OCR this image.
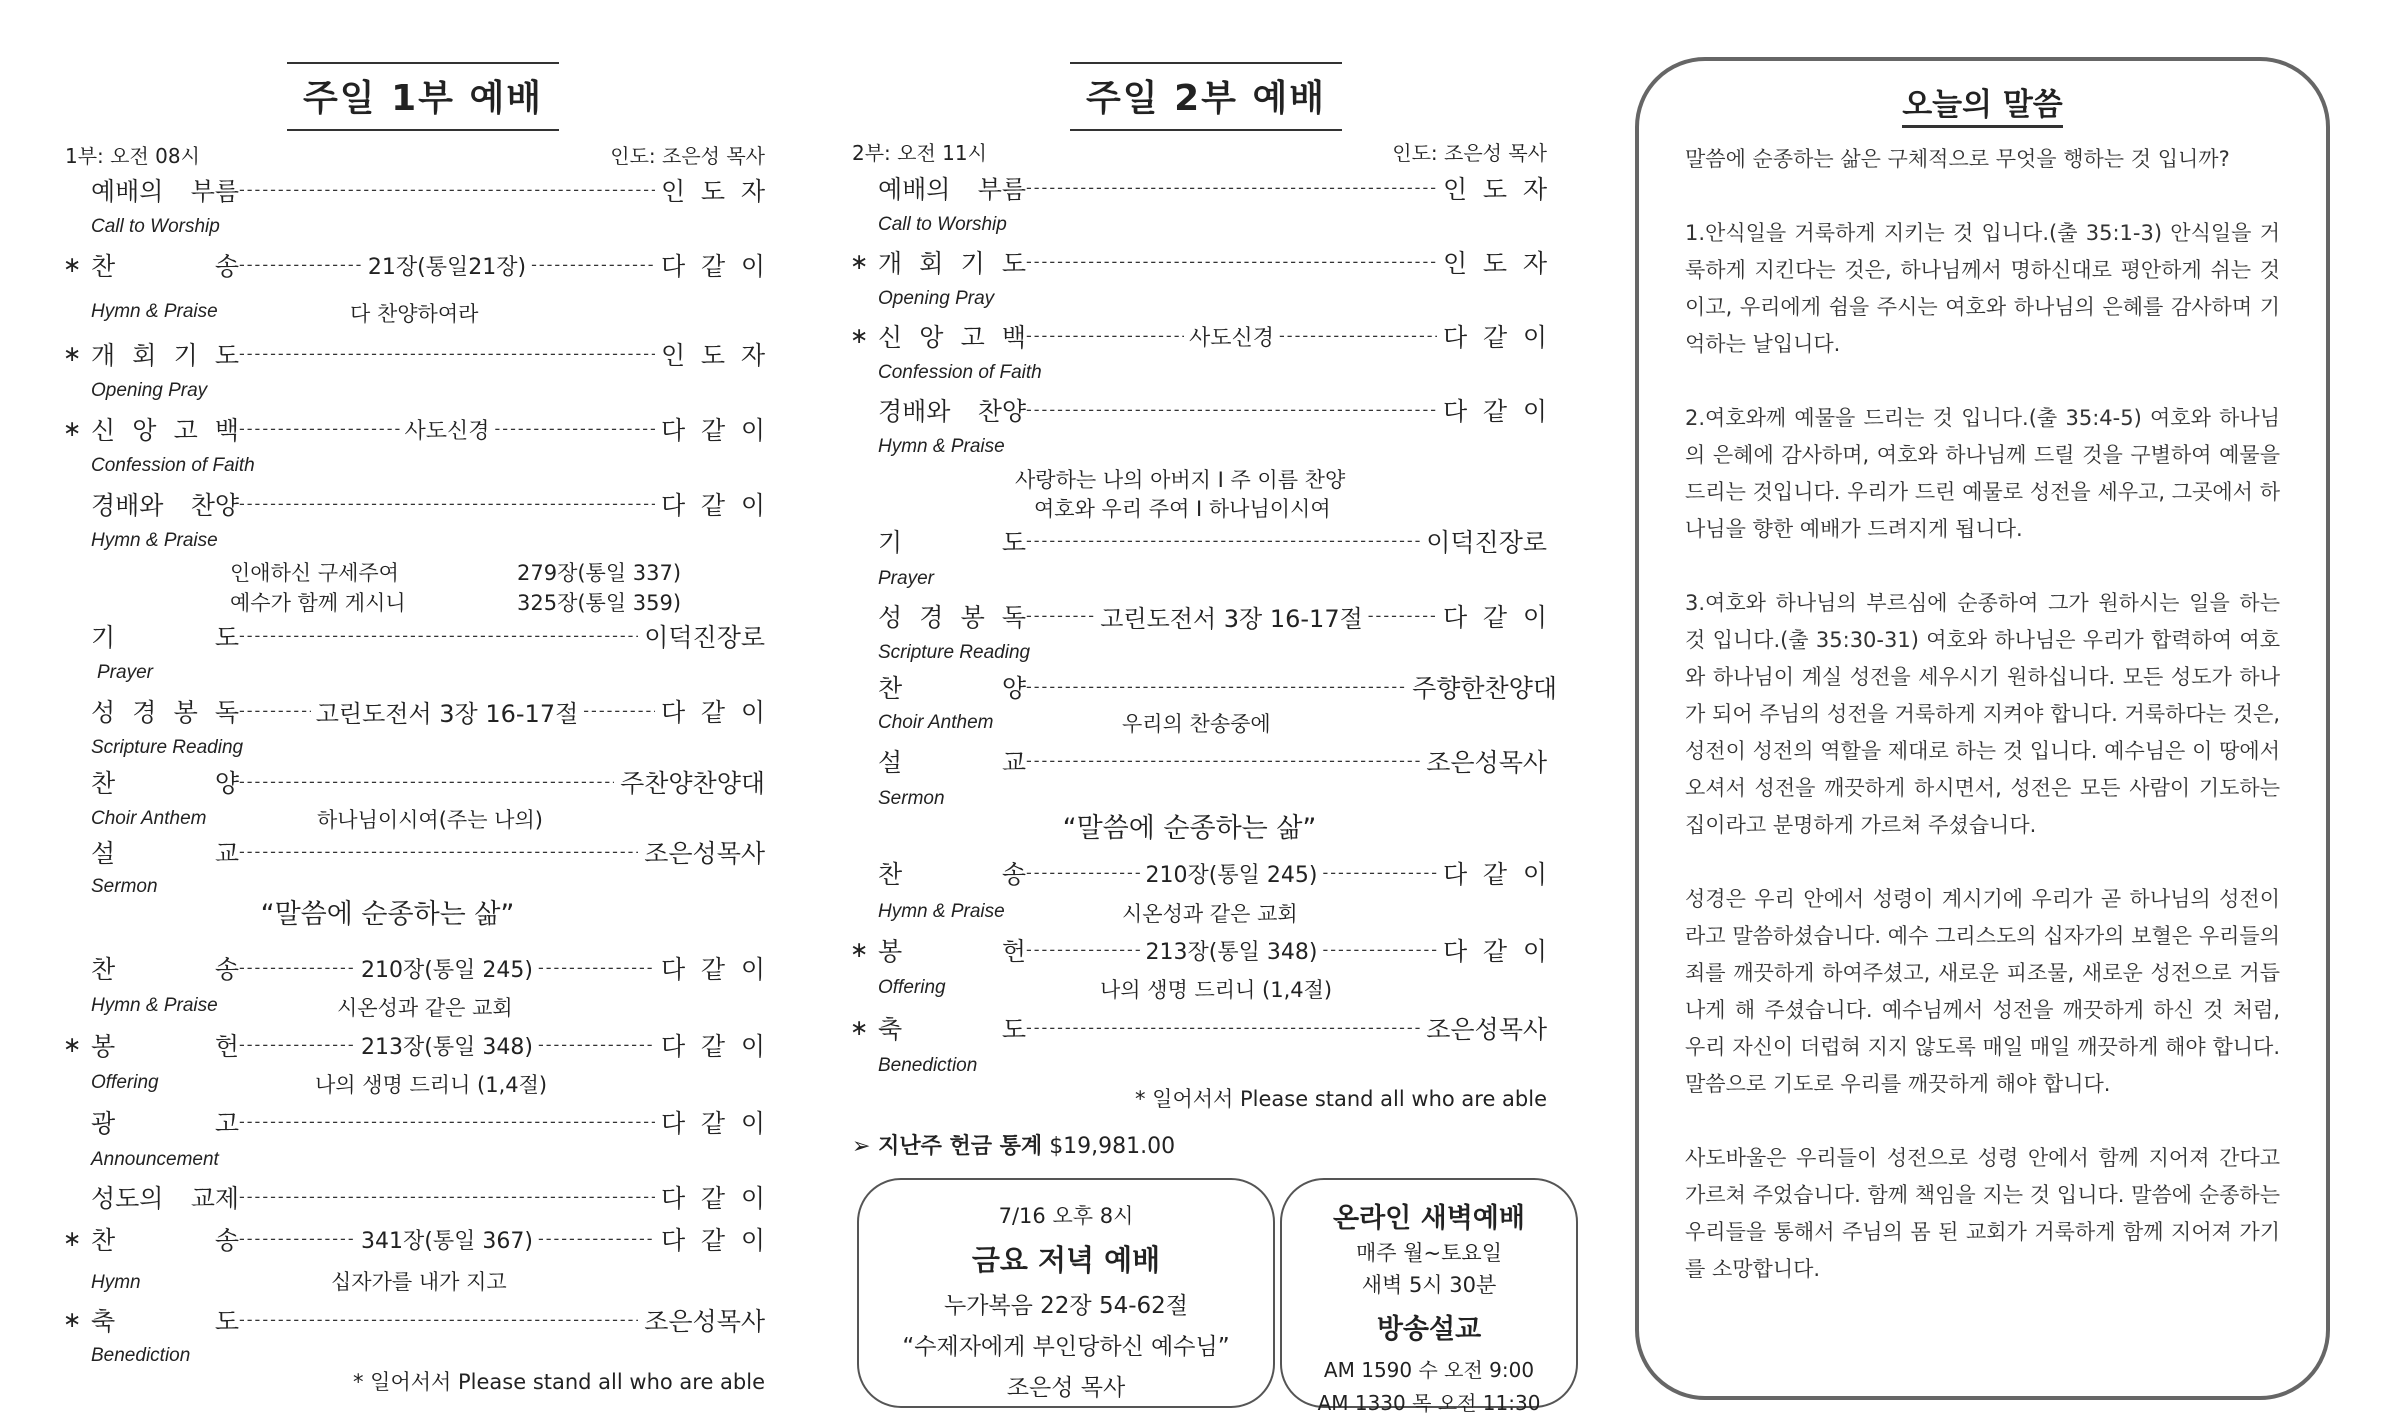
주일 1부 예배
1부: 오전 08시	인도: 조은성 목사
예배의 부름 -----	인 도 자
Call to Worship
∗ 찬	송 -----	21장(통일21장) -----	다 같 이
Hymn & Praise	다 찬양하여라
∗ 개 회 기 도 -----	인 도 자
Opening Pray
∗ 신 앙 고 백 -----	사도신경 -----	다 같 이
Confession of Faith
경배와 찬양 -----	다 같 이
Hymn & Praise
인애하신 구세주여	279장(통일 337)
예수가 함께 게시니	325장(통일 359)
기	도 -----	이덕진 장로
Prayer
성 경 봉 독 -----	고린도전서 3장 16-17절 -----	다 같 이
Scripture Reading
찬	양 -----	주찬양 찬양대
Choir Anthem	하나님이시여(주는 나의)
설	교 -----	조은성 목사
Sermon
“말씀에 순종하는 삶”
찬	송 -----	210장(통일 245) -----	다 같 이
Hymn & Praise	시온성과 같은 교회
∗ 봉	헌 -----	213장(통일 348) -----	다 같 이
Offering	나의 생명 드리니 (1,4절)
광	고 -----	다 같 이
Announcement
성도의 교제 -----	다 같 이
∗ 찬	송 -----	341장(통일 367) -----	다 같 이
Hymn	십자가를 내가 지고
∗ 축	도 -----	조은성 목사
Benediction
* 일어서서 Please stand all who are able
주일 2부 예배
2부: 오전 11시	인도: 조은성 목사
예배의 부름 -----	인 도 자
Call to Worship
∗ 개 회 기 도 -----	인 도 자
Opening Pray
∗ 신 앙 고 백 -----	사도신경 -----	다 같 이
Confession of Faith
경배와 찬양 -----	다 같 이
Hymn & Praise
사랑하는 나의 아버지 I 주 이름 찬양
여호와 우리 주여 I 하나님이시여
기	도 -----	이덕진 장로
Prayer
성 경 봉 독 -----	고린도전서 3장 16-17절 -----	다 같 이
Scripture Reading
찬	양 -----	주향한 찬양대
Choir Anthem	우리의 찬송중에
설	교 -----	조은성 목사
Sermon
“말씀에 순종하는 삶”
찬	송 -----	210장(통일 245) -----	다 같 이
Hymn & Praise	시온성과 같은 교회
∗ 봉	헌 -----	213장(통일 348) -----	다 같 이
Offering	나의 생명 드리니 (1,4절)
∗ 축	도 -----	조은성 목사
Benediction
* 일어서서 Please stand all who are able
➢ 지난주 헌금 통계 $19,981.00
7/16 오후 8시
금요 저녁 예배
누가복음 22장 54-62절
“수제자에게 부인당하신 예수님”
조은성 목사
온라인 새벽예배
매주 월~토요일
새벽 5시 30분
방송설교
AM 1590 수 오전 9:00
AM 1330 목 오전 11:30
오늘의 말씀

말씀에 순종하는 삶은 구체적으로 무엇을 행하는 것 입니까?

1.안식일을 거룩하게 지키는 것 입니다.(출 35:1-3) 안식일을 거룩하게 지킨다는 것은, 하나님께서 명하신대로 평안하게 쉬는 것이고, 우리에게 쉼을 주시는 여호와 하나님의 은혜를 감사하며 기억하는 날입니다.

2.여호와께 예물을 드리는 것 입니다.(출 35:4-5) 여호와 하나님의 은혜에 감사하며, 여호와 하나님께 드릴 것을 구별하여 예물을 드리는 것입니다. 우리가 드린 예물로 성전을 세우고, 그곳에서 하나님을 향한 예배가 드려지게 됩니다.

3.여호와 하나님의 부르심에 순종하여 그가 원하시는 일을 하는 것 입니다.(출 35:30-31) 여호와 하나님은 우리가 합력하여 여호와 하나님이 계실 성전을 세우시기 원하십니다. 모든 성도가 하나가 되어 주님의 성전을 거룩하게 지켜야 합니다. 거룩하다는 것은, 성전이 성전의 역할을 제대로 하는 것 입니다. 예수님은 이 땅에서 오셔서 성전을 깨끗하게 하시면서, 성전은 모든 사람이 기도하는 집이라고 분명하게 가르쳐 주셨습니다.

성경은 우리 안에서 성령이 계시기에 우리가 곧 하나님의 성전이라고 말씀하셨습니다. 예수 그리스도의 십자가의 보혈은 우리들의 죄를 깨끗하게 하여주셨고, 새로운 피조물, 새로운 성전으로 거듭나게 해 주셨습니다. 예수님께서 성전을 깨끗하게 하신 것 처럼, 우리 자신이 더럽혀 지지 않도록 매일 매일 깨끗하게 해야 합니다. 말씀으로 기도로 우리를 깨끗하게 해야 합니다.

사도바울은 우리들이 성전으로 성령 안에서 함께 지어져 간다고 가르쳐 주었습니다. 함께 책임을 지는 것 입니다. 말씀에 순종하는 우리들을 통해서 주님의 몸 된 교회가 거룩하게 함께 지어져 가기를 소망합니다.
